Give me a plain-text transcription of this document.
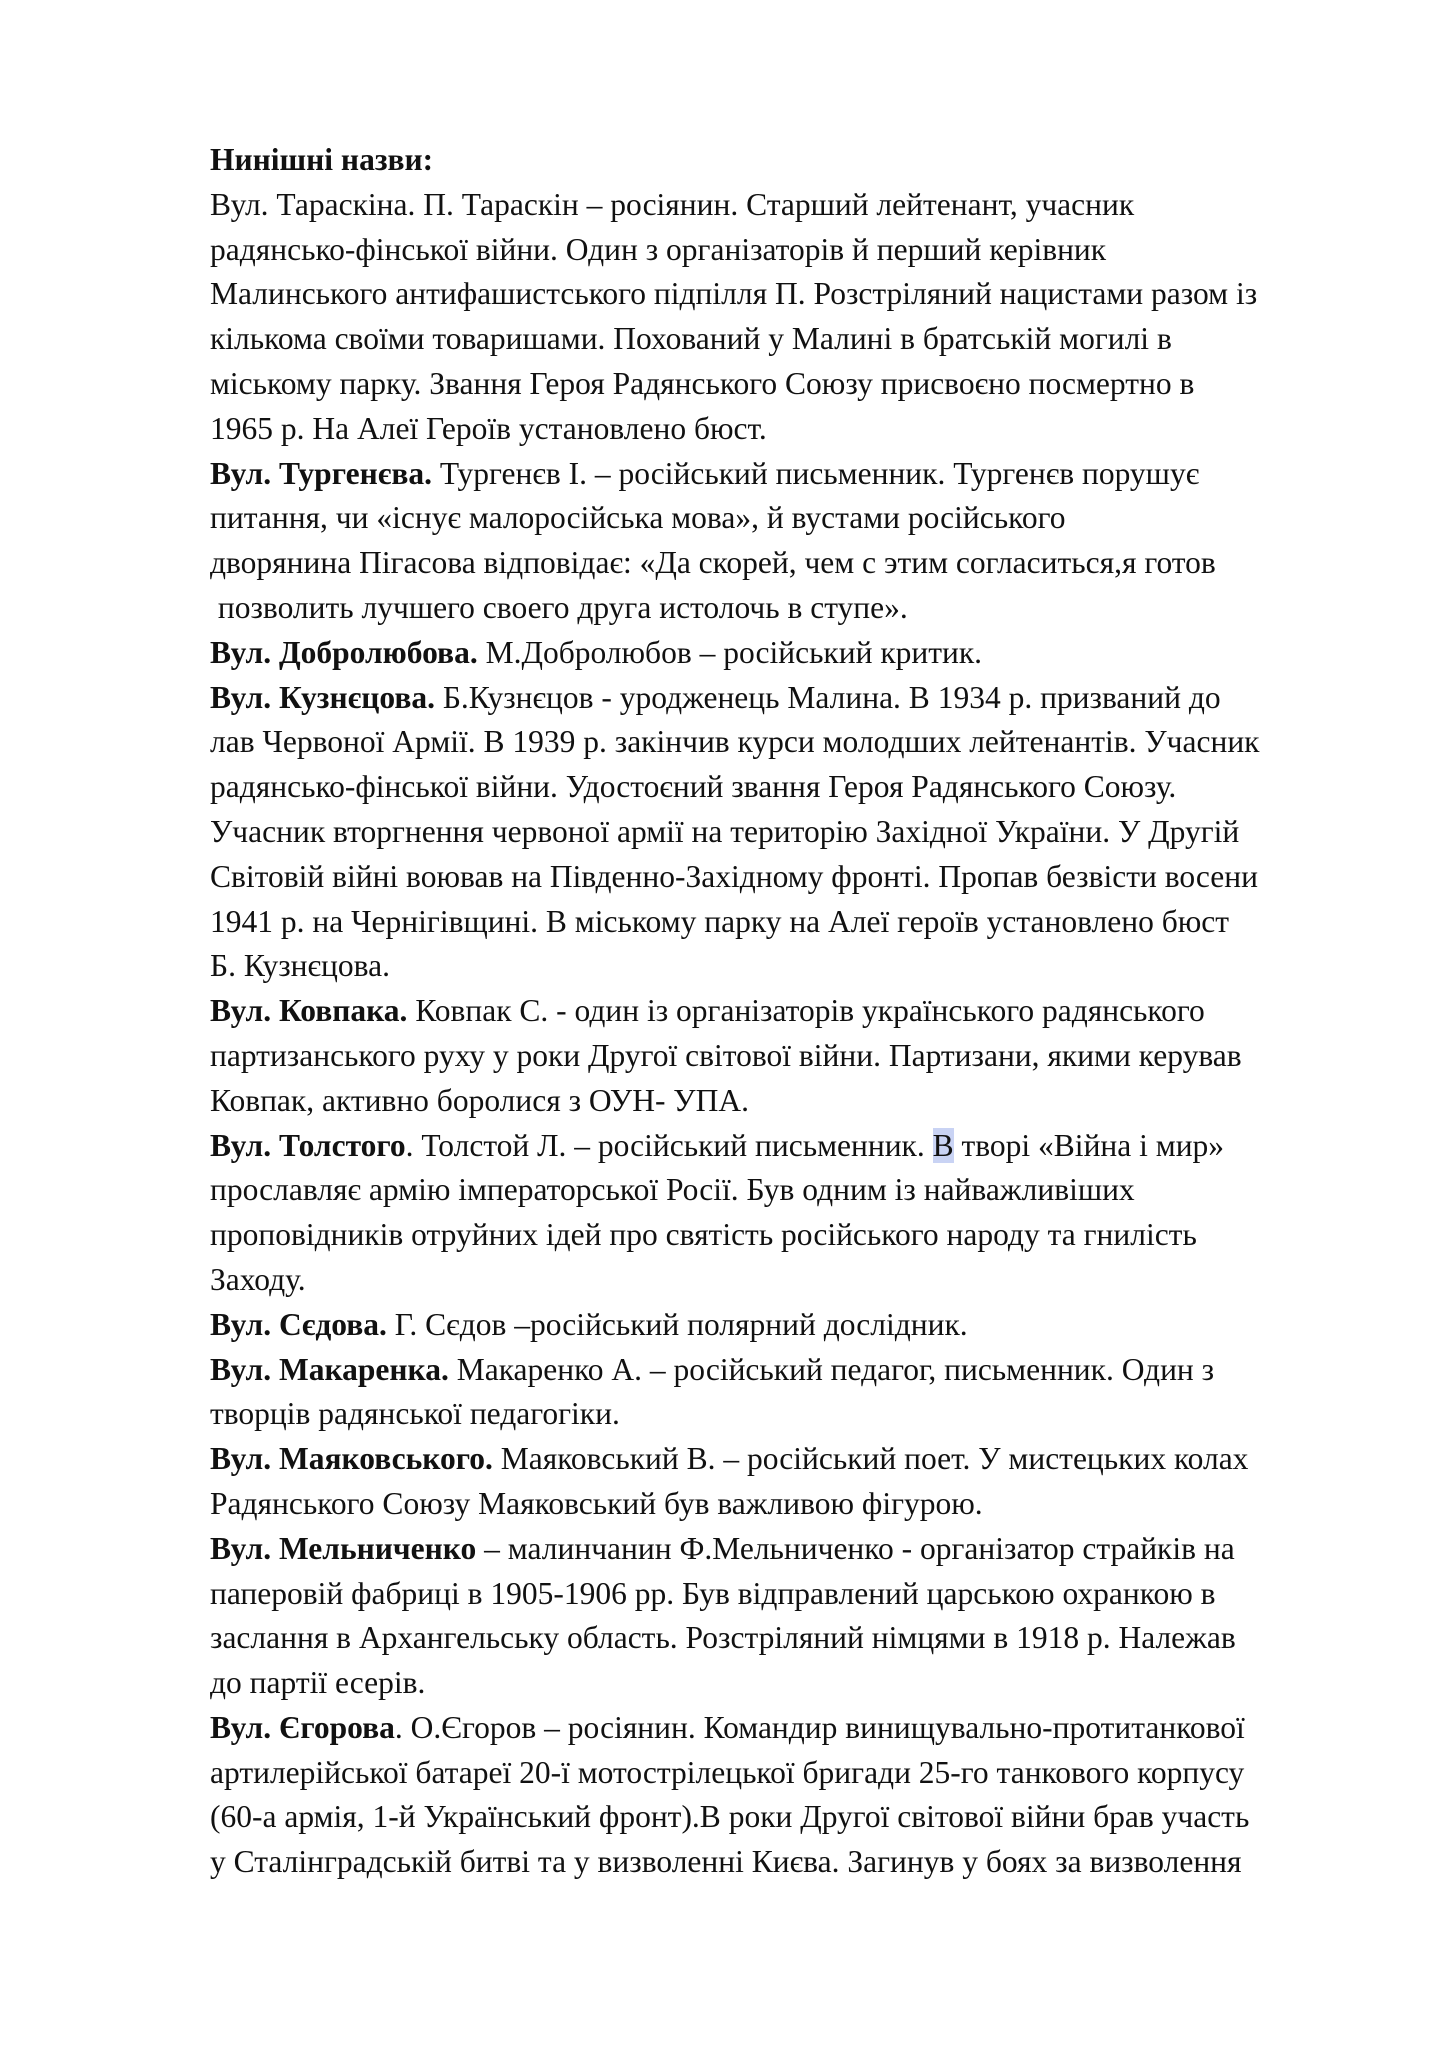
Нинішні назви:
Вул. Тараскіна. П. Тараскін – росіянин. Старший лейтенант, учасник
радянсько-фінської війни. Один з організаторів й перший керівник
Малинського антифашистського підпілля П. Розстріляний нацистами разом із
кількома своїми товаришами. Похований у Малині в братській могилі в
міському парку. Звання Героя Радянського Союзу присвоєно посмертно в
1965 р. На Алеї Героїв установлено бюст.
Вул. Тургенєва. Тургенєв І. – російський письменник. Тургенєв порушує
питання, чи «існує малоросійська мова», й вустами російського
дворянина Пігасова відповідає: «Да скорей, чем с этим согласиться,я готов
позволить лучшего своего друга истолочь в ступе».
Вул. Добролюбова. М.Добролюбов – російський критик.
Вул. Кузнєцова. Б.Кузнєцов - уродженець Малина. В 1934 р. призваний до
лав Червоної Армії. В 1939 р. закінчив курси молодших лейтенантів. Учасник
радянсько-фінської війни. Удостоєний звання Героя Радянського Союзу.
Учасник вторгнення червоної армії на територію Західної України. У Другій
Світовій війні воював на Південно-Західному фронті. Пропав безвісти восени
1941 р. на Чернігівщині. В міському парку на Алеї героїв установлено бюст
Б. Кузнєцова.
Вул. Ковпака. Ковпак С. - один із організаторів українського радянського
партизанського руху у роки Другої світової війни. Партизани, якими керував
Ковпак, активно боролися з ОУН- УПА.
Вул. Толстого. Толстой Л. – російський письменник. В творі «Війна і мир»
прославляє армію імператорської Росії. Був одним із найважливіших
проповідників отруйних ідей про святість російського народу та гнилість
Заходу.
Вул. Сєдова. Г. Сєдов –російський полярний дослідник.
Вул. Макаренка. Макаренко А. – російський педагог, письменник. Один з
творців радянської педагогіки.
Вул. Маяковського. Маяковський В. – російський поет. У мистецьких колах
Радянського Союзу Маяковський був важливою фігурою.
Вул. Мельниченко – малинчанин Ф.Мельниченко - організатор страйків на
паперовій фабриці в 1905-1906 рр. Був відправлений царською охранкою в
заслання в Архангельську область. Розстріляний німцями в 1918 р. Належав
до партії есерів.
Вул. Єгорова. О.Єгоров – росіянин. Командир винищувально-протитанкової
артилерійської батареї 20-ї мотострілецької бригади 25-го танкового корпусу
(60-а армія, 1-й Український фронт).В роки Другої світової війни брав участь
у Сталінградській битві та у визволенні Києва. Загинув у боях за визволення
